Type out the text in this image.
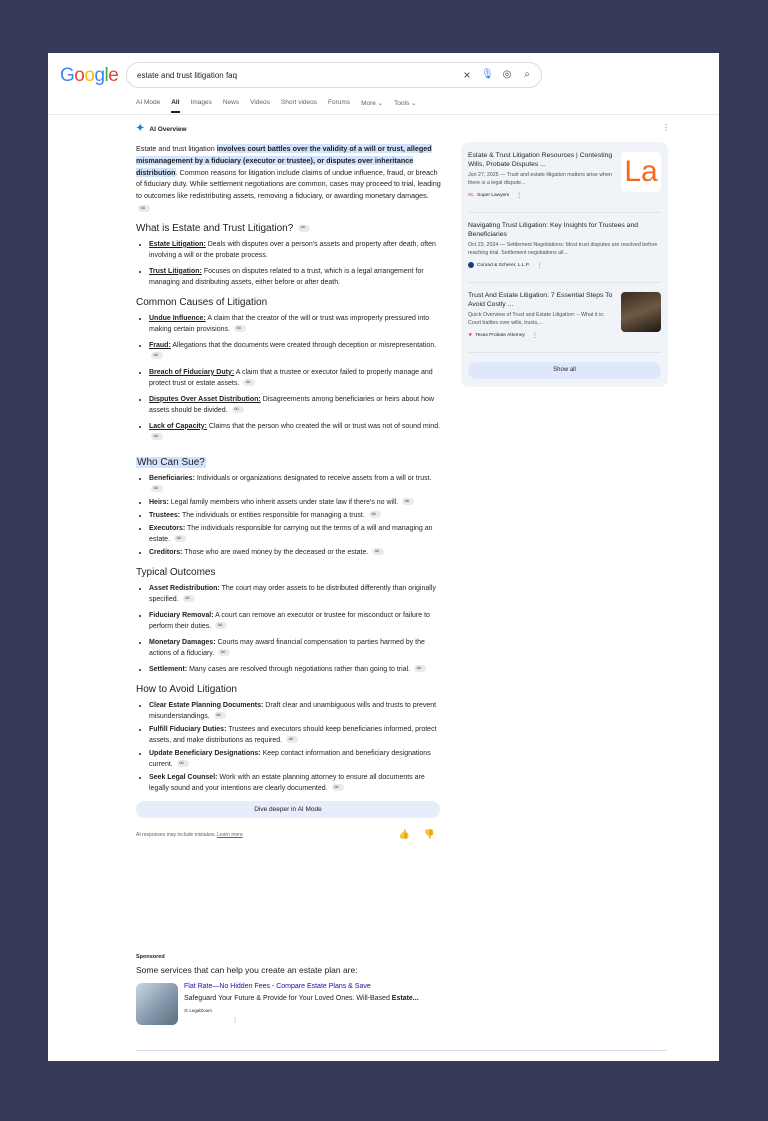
Google
estate and trust litigation faq	× 🎙 ◎	⌕
AI Mode All Images News Videos Short videos Forums More ⌄ Tools ⌄
⋮
✦ AI Overview
Estate and trust litigation involves court battles over the validity of a will or trust, alleged mismanagement by a fiduciary (executor or trustee), or disputes over inheritance distribution. Common reasons for litigation include claims of undue influence, fraud, or breach of fiduciary duty. While settlement negotiations are common, cases may proceed to trial, leading to outcomes like redistributing assets, removing a fiduciary, or awarding monetary damages. ∞
What is Estate and Trust Litigation? ∞
• Estate Litigation: Deals with disputes over a person's assets and property after death, often involving a will or the probate process.
• Trust Litigation: Focuses on disputes related to a trust, which is a legal arrangement for managing and distributing assets, either before or after death.
Common Causes of Litigation
• Undue Influence: A claim that the creator of the will or trust was improperly pressured into making certain provisions. ∞
• Fraud: Allegations that the documents were created through deception or misrepresentation. ∞
• Breach of Fiduciary Duty: A claim that a trustee or executor failed to properly manage and protect trust or estate assets. ∞
• Disputes Over Asset Distribution: Disagreements among beneficiaries or heirs about how assets should be divided. ∞
• Lack of Capacity: Claims that the person who created the will or trust was not of sound mind. ∞
Who Can Sue?
• Beneficiaries: Individuals or organizations designated to receive assets from a will or trust. ∞
• Heirs: Legal family members who inherit assets under state law if there's no will. ∞
• Trustees: The individuals or entities responsible for managing a trust. ∞
• Executors: The individuals responsible for carrying out the terms of a will and managing an estate. ∞
• Creditors: Those who are owed money by the deceased or the estate. ∞
Typical Outcomes
• Asset Redistribution: The court may order assets to be distributed differently than originally specified. ∞
• Fiduciary Removal: A court can remove an executor or trustee for misconduct or failure to perform their duties. ∞
• Monetary Damages: Courts may award financial compensation to parties harmed by the actions of a fiduciary. ∞
• Settlement: Many cases are resolved through negotiations rather than going to trial. ∞
How to Avoid Litigation
• Clear Estate Planning Documents: Draft clear and unambiguous wills and trusts to prevent misunderstandings. ∞
• Fulfill Fiduciary Duties: Trustees and executors should keep beneficiaries informed, protect assets, and make distributions as required. ∞
• Update Beneficiary Designations: Keep contact information and beneficiary designations current. ∞
• Seek Legal Counsel: Work with an estate planning attorney to ensure all documents are legally sound and your intentions are clearly documented. ∞
Dive deeper in AI Mode
AI responses may include mistakes. Learn more	👍 👎
Estate & Trust Litigation Resources | Contesting Wills, Probate Disputes ...
Jun 27, 2025 — Trust and estate litigation matters arise when there is a legal dispute...
SL Super Lawyers ⋮
La
Navigating Trust Litigation: Key Insights for Trustees and Beneficiaries
Oct 23, 2024 — Settlement Negotiations: Most trust disputes are resolved before reaching trial. Settlement negotiations all...
Conrad & Scherer, L.L.P. ⋮
Trust And Estate Litigation: 7 Essential Steps To Avoid Costly ...
Quick Overview of Trust and Estate Litigation: – What it is: Court battles over wills, trusts,...
★ Texas Probate Attorney ⋮
Show all
Sponsored
Some services that can help you create an estate plan are:
Flat Rate—No Hidden Fees - Compare Estate Plans & Save
Safeguard Your Future & Provide for Your Loved Ones. Will-Based Estate...
⚖ LegalZoom
⋮
